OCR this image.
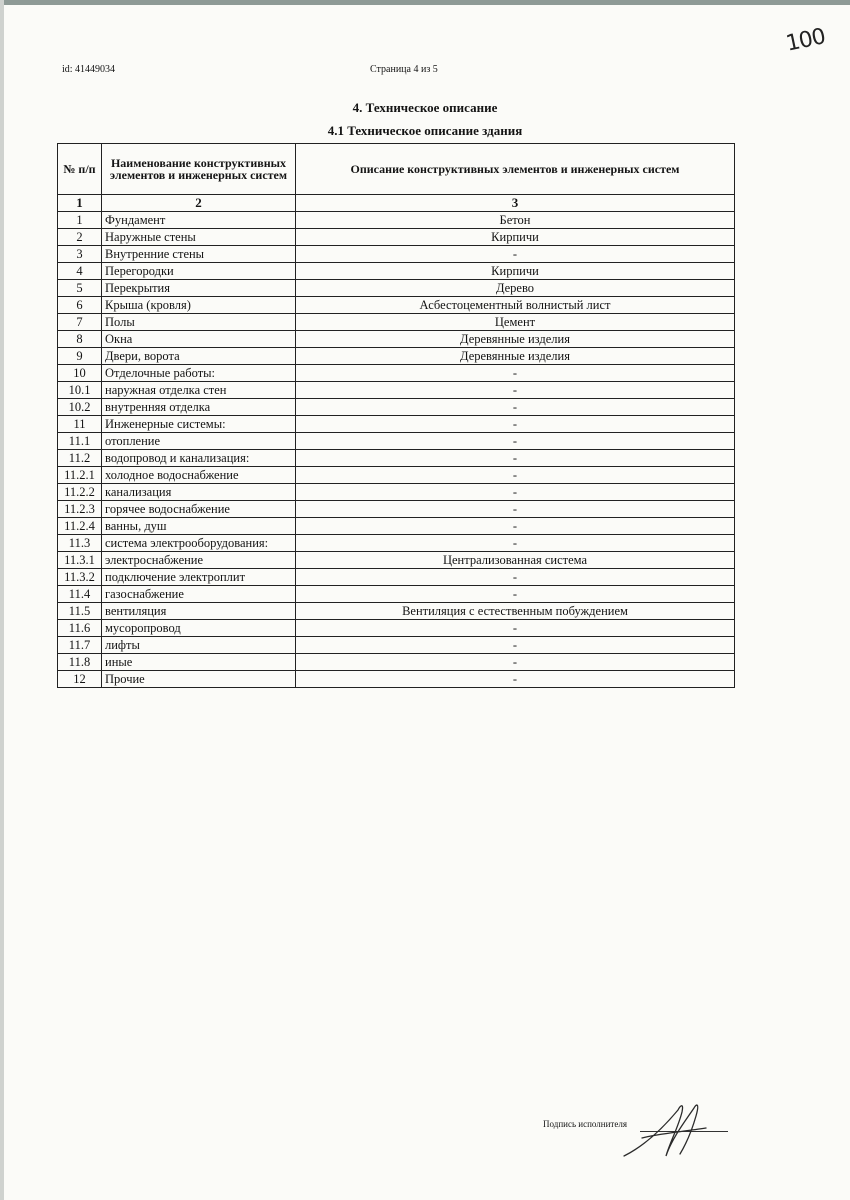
100
id: 41449034	Страница 4 из 5
4. Техническое описание
4.1 Техническое описание здания
№ п/п	Наименование конструктивных элементов и инженерных систем	Описание конструктивных элементов и инженерных систем
1	2	3
1	Фундамент	Бетон
2	Наружные стены	Кирпичи
3	Внутренние стены	-
4	Перегородки	Кирпичи
5	Перекрытия	Дерево
6	Крыша (кровля)	Асбестоцементный волнистый лист
7	Полы	Цемент
8	Окна	Деревянные изделия
9	Двери, ворота	Деревянные изделия
10	Отделочные работы:	-
10.1	наружная отделка стен	-
10.2	внутренняя отделка	-
11	Инженерные системы:	-
11.1	отопление	-
11.2	водопровод и канализация:	-
11.2.1	холодное водоснабжение	-
11.2.2	канализация	-
11.2.3	горячее водоснабжение	-
11.2.4	ванны, душ	-
11.3	система электрооборудования:	-
11.3.1	электроснабжение	Централизованная система
11.3.2	подключение электроплит	-
11.4	газоснабжение	-
11.5	вентиляция	Вентиляция с естественным побуждением
11.6	мусоропровод	-
11.7	лифты	-
11.8	иные	-
12	Прочие	-
Подпись исполнителя
